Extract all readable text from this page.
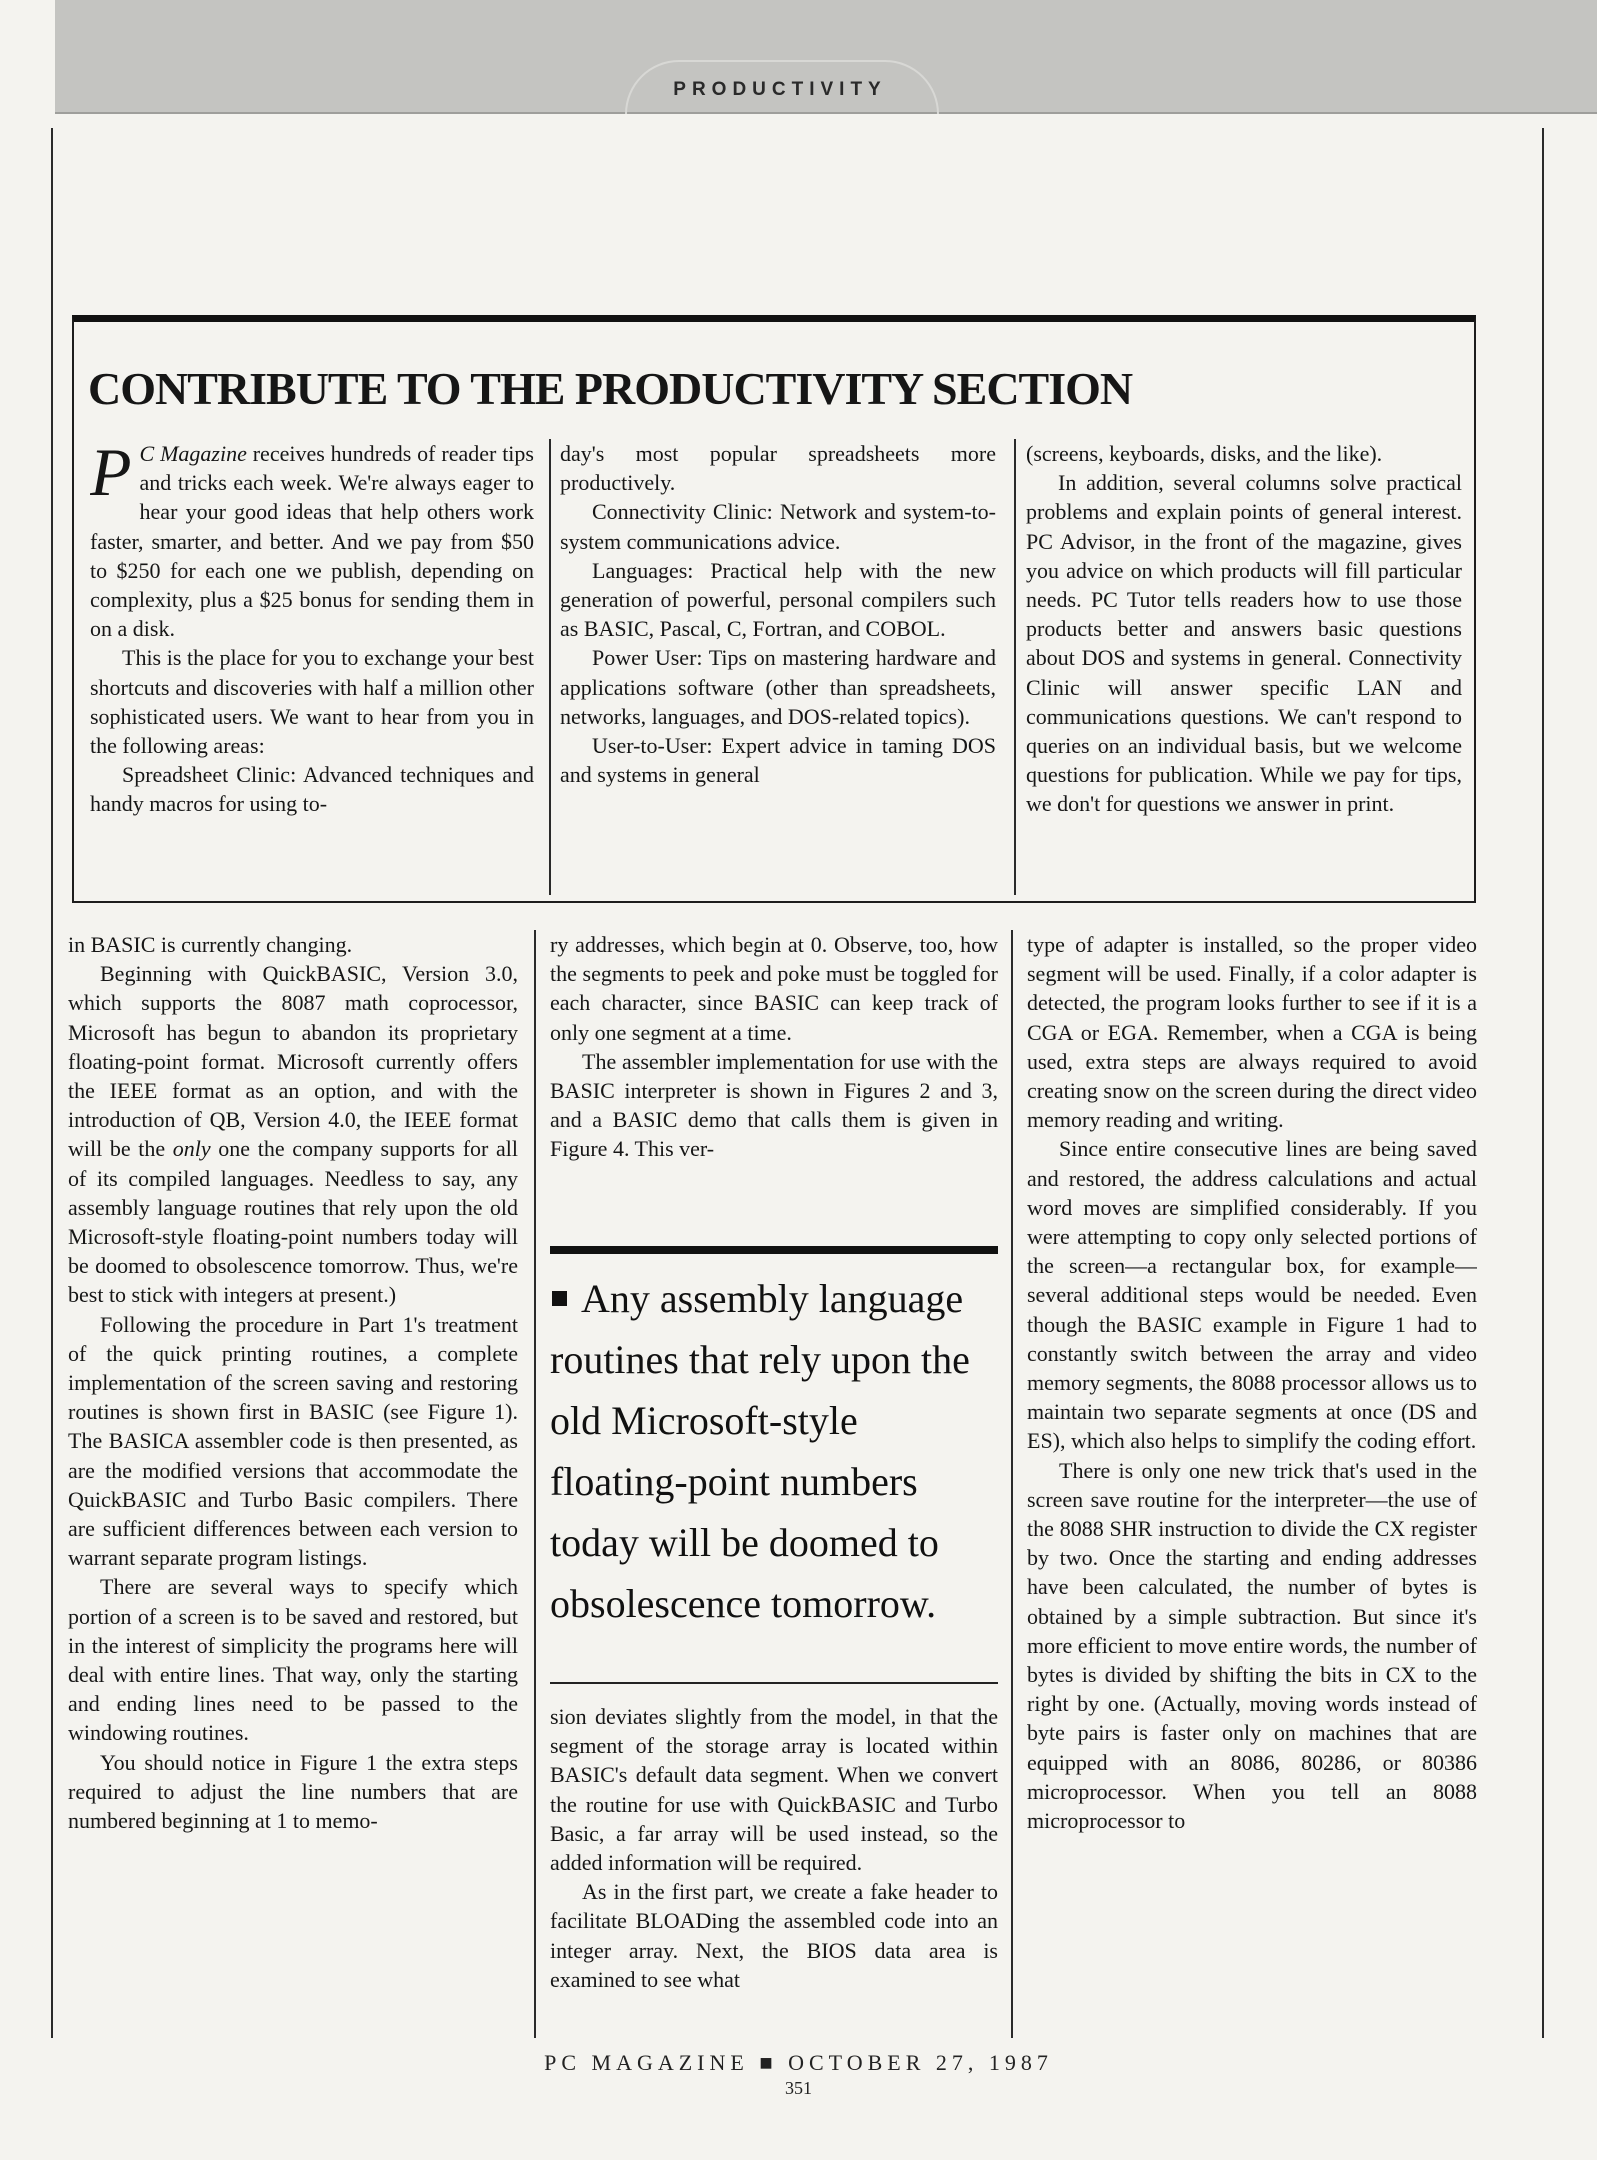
PRODUCTIVITY
CONTRIBUTE TO THE PRODUCTIVITY SECTION

P C Magazine receives hundreds of reader tips and tricks each week. We're always eager to hear your good ideas that help others work faster, smarter, and better. And we pay from $50 to $250 for each one we publish, depending on complexity, plus a $25 bonus for sending them in on a disk.

This is the place for you to exchange your best shortcuts and discoveries with half a million other sophisticated users. We want to hear from you in the following areas:

Spreadsheet Clinic: Advanced techniques and handy macros for using to-

day's most popular spreadsheets more productively.

Connectivity Clinic: Network and system-to-system communications advice.

Languages: Practical help with the new generation of powerful, personal compilers such as BASIC, Pascal, C, Fortran, and COBOL.

Power User: Tips on mastering hardware and applications software (other than spreadsheets, networks, languages, and DOS-related topics).

User-to-User: Expert advice in taming DOS and systems in general

(screens, keyboards, disks, and the like).

In addition, several columns solve practical problems and explain points of general interest. PC Advisor, in the front of the magazine, gives you advice on which products will fill particular needs. PC Tutor tells readers how to use those products better and answers basic questions about DOS and systems in general. Connectivity Clinic will answer specific LAN and communications questions. We can't respond to queries on an individual basis, but we welcome questions for publication. While we pay for tips, we don't for questions we answer in print.

in BASIC is currently changing.

Beginning with QuickBASIC, Version 3.0, which supports the 8087 math coprocessor, Microsoft has begun to abandon its proprietary floating-point format. Microsoft currently offers the IEEE format as an option, and with the introduction of QB, Version 4.0, the IEEE format will be the only one the company supports for all of its compiled languages. Needless to say, any assembly language routines that rely upon the old Microsoft-style floating-point numbers today will be doomed to obsolescence tomorrow. Thus, we're best to stick with integers at present.)

Following the procedure in Part 1's treatment of the quick printing routines, a complete implementation of the screen saving and restoring routines is shown first in BASIC (see Figure 1). The BASICA assembler code is then presented, as are the modified versions that accommodate the QuickBASIC and Turbo Basic compilers. There are sufficient differences between each version to warrant separate program listings.

There are several ways to specify which portion of a screen is to be saved and restored, but in the interest of simplicity the programs here will deal with entire lines. That way, only the starting and ending lines need to be passed to the windowing routines.

You should notice in Figure 1 the extra steps required to adjust the line numbers that are numbered beginning at 1 to memo-

ry addresses, which begin at 0. Observe, too, how the segments to peek and poke must be toggled for each character, since BASIC can keep track of only one segment at a time.

The assembler implementation for use with the BASIC interpreter is shown in Figures 2 and 3, and a BASIC demo that calls them is given in Figure 4. This ver-

Any assembly language routines that rely upon the old Microsoft-style floating-point numbers today will be doomed to obsolescence tomorrow.

sion deviates slightly from the model, in that the segment of the storage array is located within BASIC's default data segment. When we convert the routine for use with QuickBASIC and Turbo Basic, a far array will be used instead, so the added information will be required.

As in the first part, we create a fake header to facilitate BLOADing the assembled code into an integer array. Next, the BIOS data area is examined to see what

type of adapter is installed, so the proper video segment will be used. Finally, if a color adapter is detected, the program looks further to see if it is a CGA or EGA. Remember, when a CGA is being used, extra steps are always required to avoid creating snow on the screen during the direct video memory reading and writing.

Since entire consecutive lines are being saved and restored, the address calculations and actual word moves are simplified considerably. If you were attempting to copy only selected portions of the screen—a rectangular box, for example—several additional steps would be needed. Even though the BASIC example in Figure 1 had to constantly switch between the array and video memory segments, the 8088 processor allows us to maintain two separate segments at once (DS and ES), which also helps to simplify the coding effort.

There is only one new trick that's used in the screen save routine for the interpreter—the use of the 8088 SHR instruction to divide the CX register by two. Once the starting and ending addresses have been calculated, the number of bytes is obtained by a simple subtraction. But since it's more efficient to move entire words, the number of bytes is divided by shifting the bits in CX to the right by one. (Actually, moving words instead of byte pairs is faster only on machines that are equipped with an 8086, 80286, or 80386 microprocessor. When you tell an 8088 microprocessor to

PC MAGAZINE ■ OCTOBER 27, 1987
351
